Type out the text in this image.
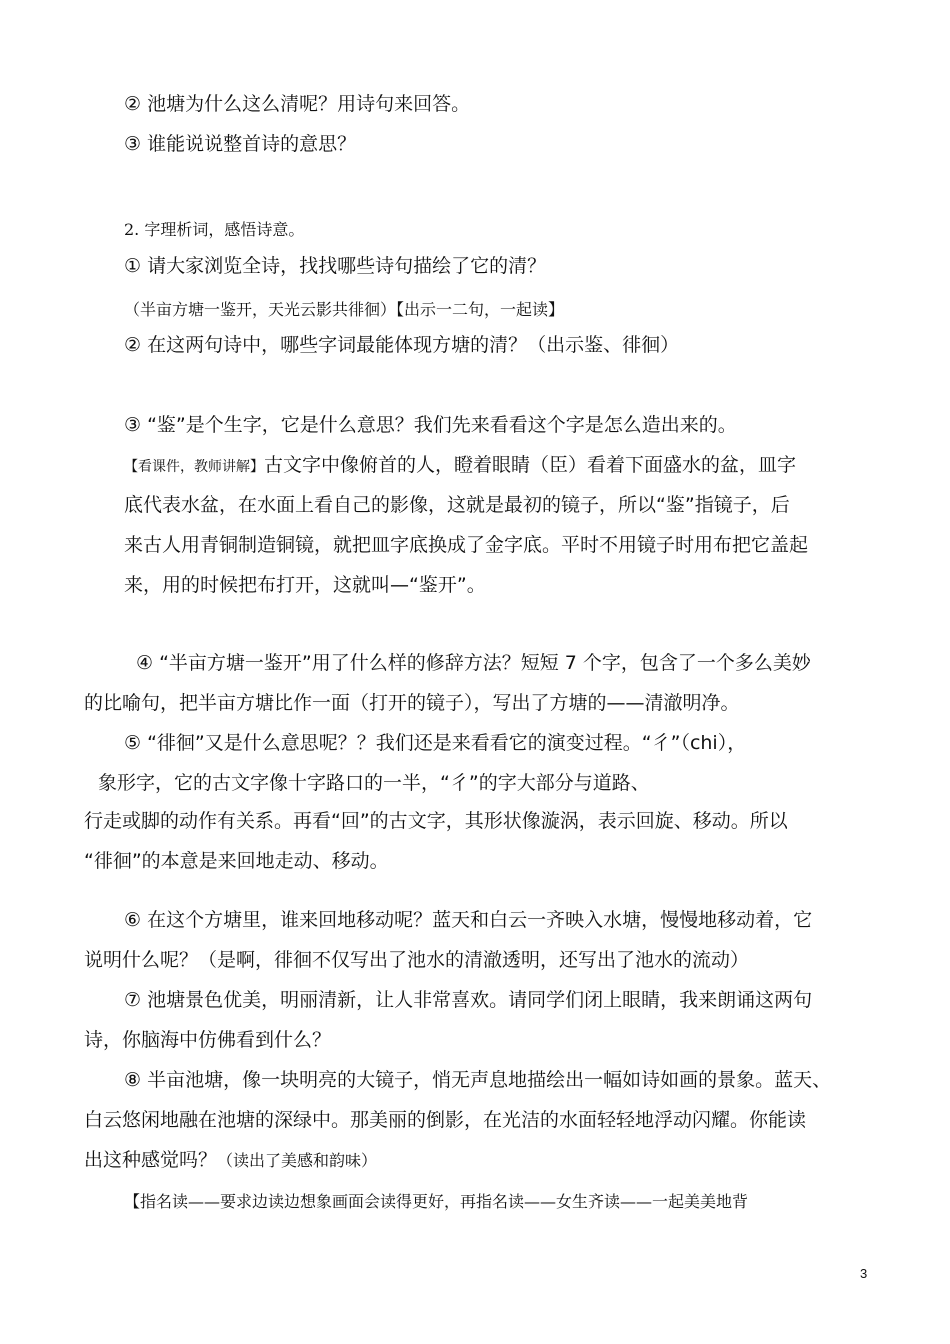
② 池塘为什么这么清呢？用诗句来回答。
③ 谁能说说整首诗的意思？
2. 字理析词，感悟诗意。
① 请大家浏览全诗，找找哪些诗句描绘了它的清？
（半亩方塘一鉴开，天光云影共徘徊）【出示一二句，一起读】
② 在这两句诗中，哪些字词最能体现方塘的清？（出示鉴、徘徊）
③ “鉴”是个生字，它是什么意思？我们先来看看这个字是怎么造出来的。
【看课件，教师讲解】古文字中像俯首的人，瞪着眼睛（臣）看着下面盛水的盆，皿字
底代表水盆，在水面上看自己的影像，这就是最初的镜子，所以“鉴”指镜子，后
来古人用青铜制造铜镜，就把皿字底换成了金字底。平时不用镜子时用布把它盖起
来，用的时候把布打开，这就叫—“鉴开”。
④ “半亩方塘一鉴开”用了什么样的修辞方法？短短 7 个字，包含了一个多么美妙
的比喻句，把半亩方塘比作一面（打开的镜子），写出了方塘的——清澈明净。
⑤ “徘徊”又是什么意思呢？？我们还是来看看它的演变过程。“彳”（chi），
象形字，它的古文字像十字路口的一半，“彳”的字大部分与道路、
行走或脚的动作有关系。再看“回”的古文字，其形状像漩涡，表示回旋、移动。所以
“徘徊”的本意是来回地走动、移动。
⑥ 在这个方塘里，谁来回地移动呢？蓝天和白云一齐映入水塘，慢慢地移动着，它
说明什么呢？（是啊，徘徊不仅写出了池水的清澈透明，还写出了池水的流动）
⑦ 池塘景色优美，明丽清新，让人非常喜欢。请同学们闭上眼睛，我来朗诵这两句
诗，你脑海中仿佛看到什么？
⑧ 半亩池塘，像一块明亮的大镜子，悄无声息地描绘出一幅如诗如画的景象。蓝天、
白云悠闲地融在池塘的深绿中。那美丽的倒影，在光洁的水面轻轻地浮动闪耀。你能读
出这种感觉吗？（读出了美感和韵味）
【指名读——要求边读边想象画面会读得更好，再指名读——女生齐读——一起美美地背
3
